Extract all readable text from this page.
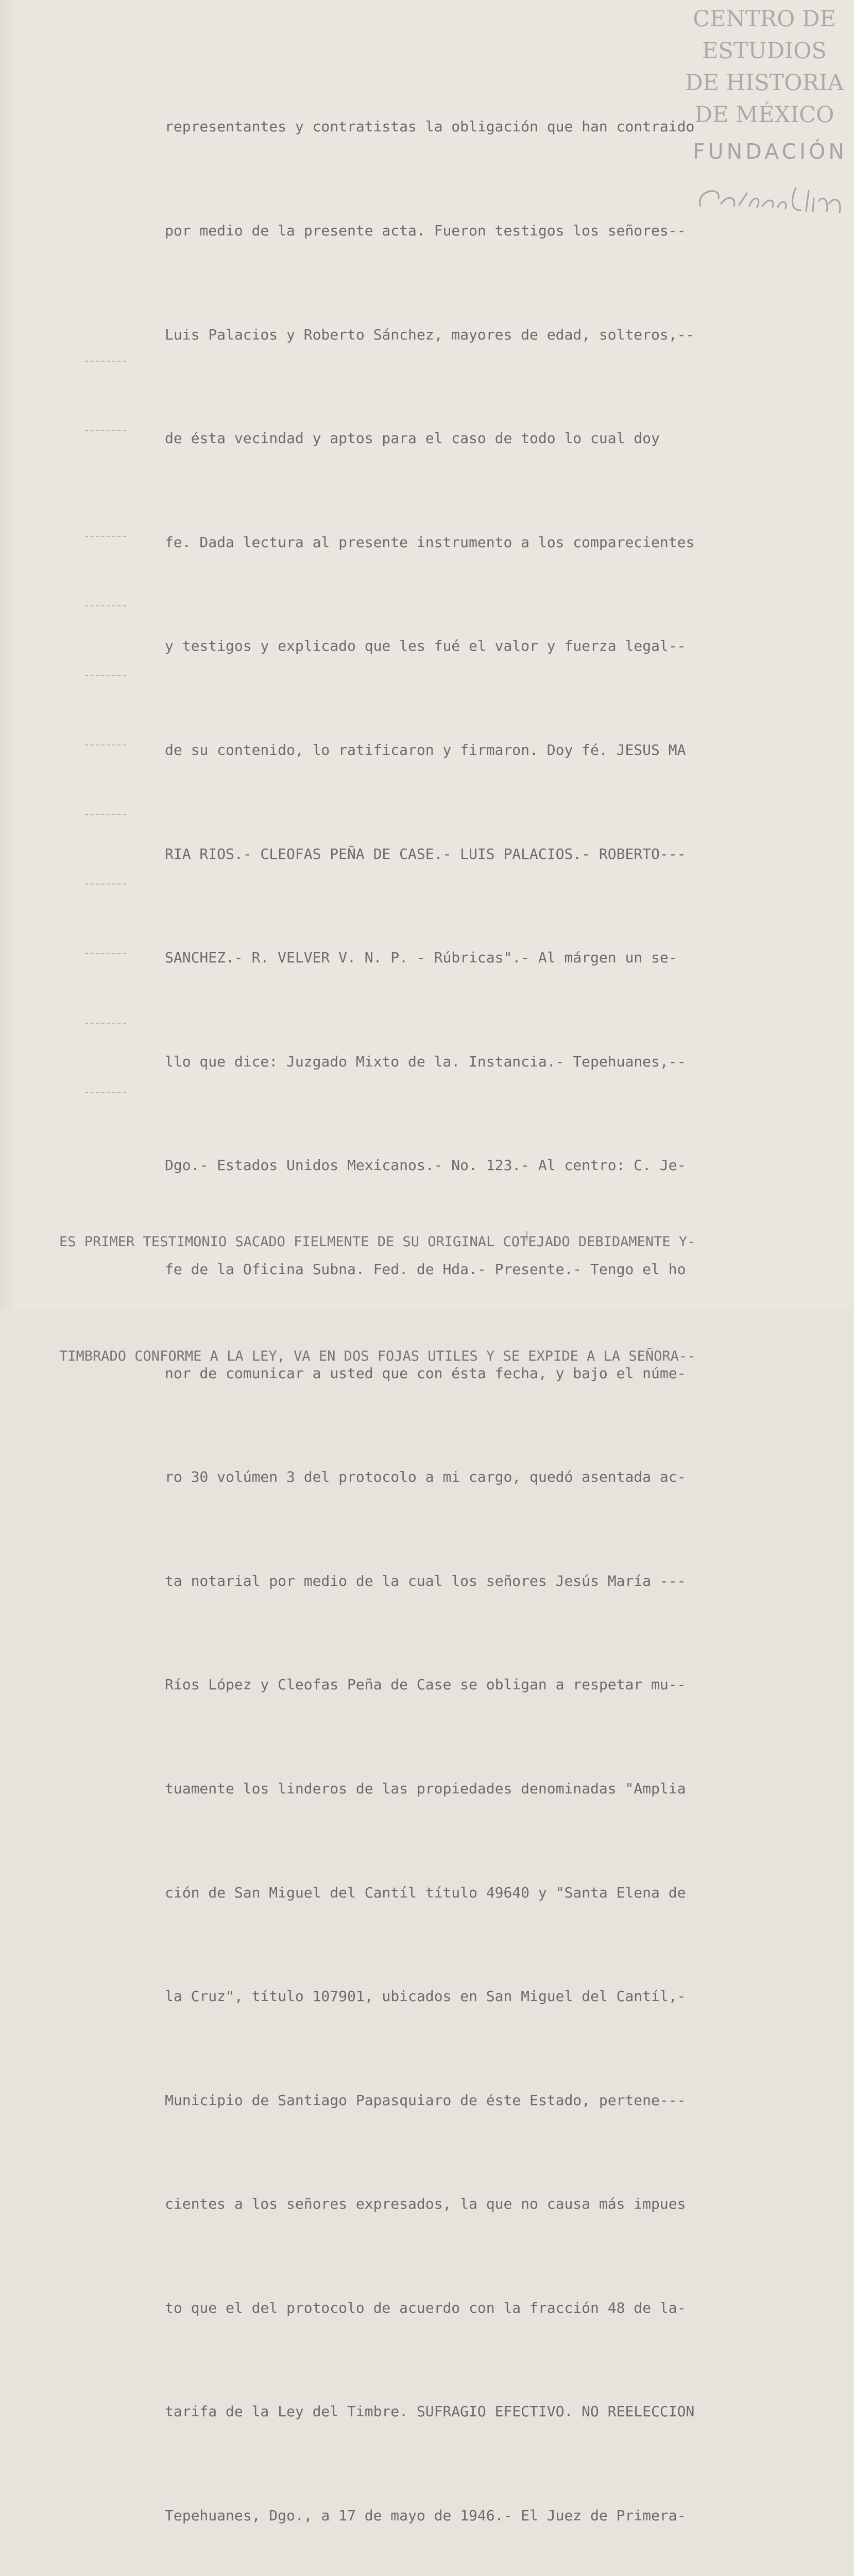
CENTRO DE
ESTUDIOS
DE HISTORIA
DE MÉXICO
FUNDACIÓN

representantes y contratistas la obligación que han contraido

por medio de la presente acta. Fueron testigos los señores--

Luis Palacios y Roberto Sánchez, mayores de edad, solteros,--

de ésta vecindad y aptos para el caso de todo lo cual doy

fe. Dada lectura al presente instrumento a los comparecientes

y testigos y explicado que les fué el valor y fuerza legal--

de su contenido, lo ratificaron y firmaron. Doy fé. JESUS MA

RIA RIOS.- CLEOFAS PEÑA DE CASE.- LUIS PALACIOS.- ROBERTO---

SANCHEZ.- R. VELVER V. N. P. - Rúbricas".- Al márgen un se-

llo que dice: Juzgado Mixto de la. Instancia.- Tepehuanes,--

Dgo.- Estados Unidos Mexicanos.- No. 123.- Al centro: C. Je-

fe de la Oficina Subna. Fed. de Hda.- Presente.- Tengo el ho

nor de comunicar a usted que con ésta fecha, y bajo el núme-

ro 30 volúmen 3 del protocolo a mi cargo, quedó asentada ac-

ta notarial por medio de la cual los señores Jesús María ---

Ríos López y Cleofas Peña de Case se obligan a respetar mu--

tuamente los linderos de las propiedades denominadas "Amplia

ción de San Miguel del Cantíl título 49640 y "Santa Elena de

la Cruz", título 107901, ubicados en San Miguel del Cantíl,-

Municipio de Santiago Papasquiaro de éste Estado, pertene---

cientes a los señores expresados, la que no causa más impues

to que el del protocolo de acuerdo con la fracción 48 de la-

tarifa de la Ley del Timbre. SUFRAGIO EFECTIVO. NO REELECCION

Tepehuanes, Dgo., a 17 de mayo de 1946.- El Juez de Primera-

ES PRIMER TESTIMONIO SACADO FIELMENTE DE SU ORIGINAL COTEJADO DEBIDAMENTE Y-

TIMBRADO CONFORME A LA LEY, VA EN DOS FOJAS UTILES Y SE EXPIDE A LA SEÑORA--
